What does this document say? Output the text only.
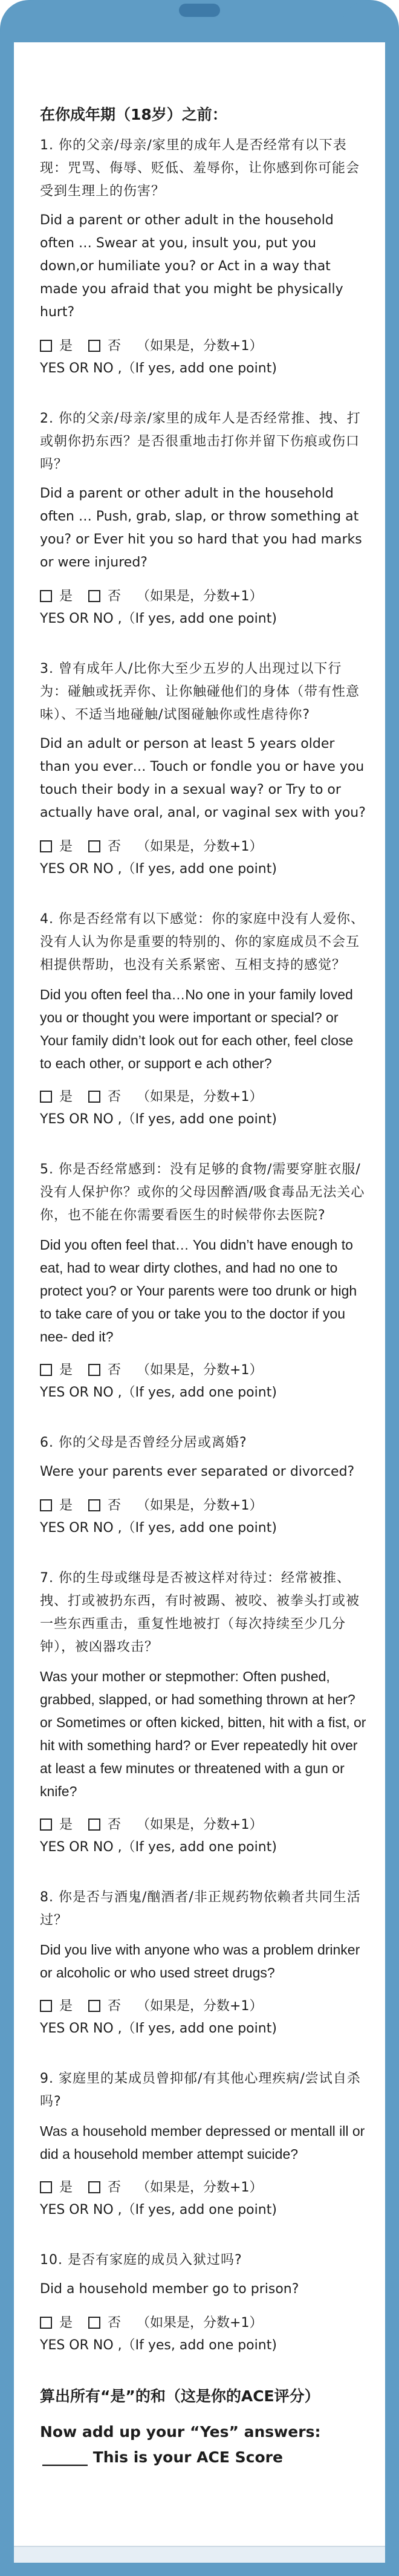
在你成年期（18岁）之前：

1. 你的父亲/母亲/家里的成年人是否经常有以下表现：咒骂、侮辱、贬低、羞辱你，让你感到你可能会受到生理上的伤害？

Did a parent or other adult in the household often … Swear at you, insult you, put you down,or humiliate you? or Act in a way that made you afraid that you might be physically hurt?

是	否 （如果是，分数+1）

YES OR NO ,（If yes, add one point)

2. 你的父亲/母亲/家里的成年人是否经常推、拽、打或朝你扔东西？是否很重地击打你并留下伤痕或伤口吗？

Did a parent or other adult in the household often … Push, grab, slap, or throw something at you? or Ever hit you so hard that you had marks or were injured?

是	否 （如果是，分数+1）

YES OR NO ,（If yes, add one point)

3. 曾有成年人/比你大至少五岁的人出现过以下行为：碰触或抚弄你、让你触碰他们的身体（带有性意味）、不适当地碰触/试图碰触你或性虐待你?

Did an adult or person at least 5 years older than you ever… Touch or fondle you or have you touch their body in a sexual way? or Try to or actually have oral, anal, or vaginal sex with you?

是	否 （如果是，分数+1）

YES OR NO ,（If yes, add one point)

4. 你是否经常有以下感觉：你的家庭中没有人爱你、没有人认为你是重要的特别的、你的家庭成员不会互相提供帮助，也没有关系紧密、互相支持的感觉？

Did you often feel tha…No one in your family loved you or thought you were important or special? or Your family didn’t look out for each other, feel close to each other, or support e ach other?

是	否 （如果是，分数+1）

YES OR NO ,（If yes, add one point)

5. 你是否经常感到：没有足够的食物/需要穿脏衣服/没有人保护你？或你的父母因醉酒/吸食毒品无法关心你，也不能在你需要看医生的时候带你去医院?

Did you often feel that… You didn’t have enough to eat, had to wear dirty clothes, and had no one to protect you? or Your parents were too drunk or high to take care of you or take you to the doctor if you nee- ded it?

是	否 （如果是，分数+1）

YES OR NO ,（If yes, add one point)

6. 你的父母是否曾经分居或离婚?

Were your parents ever separated or divorced?

是	否 （如果是，分数+1）

YES OR NO ,（If yes, add one point)

7. 你的生母或继母是否被这样对待过：经常被推、拽、打或被扔东西，有时被踢、被咬、被拳头打或被一些东西重击，重复性地被打（每次持续至少几分钟），被凶器攻击？

Was your mother or stepmother: Often pushed, grabbed, slapped, or had something thrown at her? or Sometimes or often kicked, bitten, hit with a fist, or hit with something hard? or Ever repeatedly hit over at least a few minutes or threatened with a gun or knife?

是	否 （如果是，分数+1）

YES OR NO ,（If yes, add one point)

8. 你是否与酒鬼/酗酒者/非正规药物依赖者共同生活过？

Did you live with anyone who was a problem drinker or alcoholic or who used street drugs?

是	否 （如果是，分数+1）

YES OR NO ,（If yes, add one point)

9. 家庭里的某成员曾抑郁/有其他心理疾病/尝试自杀吗?

Was a household member depressed or mentall ill or did a household member attempt suicide?

是	否 （如果是，分数+1）

YES OR NO ,（If yes, add one point)

10. 是否有家庭的成员入狱过吗?

Did a household member go to prison?

是	否 （如果是，分数+1）

YES OR NO ,（If yes, add one point)

算出所有“是”的和（这是你的ACE评分）

Now add up your “Yes” answers:

______ This is your ACE Score
